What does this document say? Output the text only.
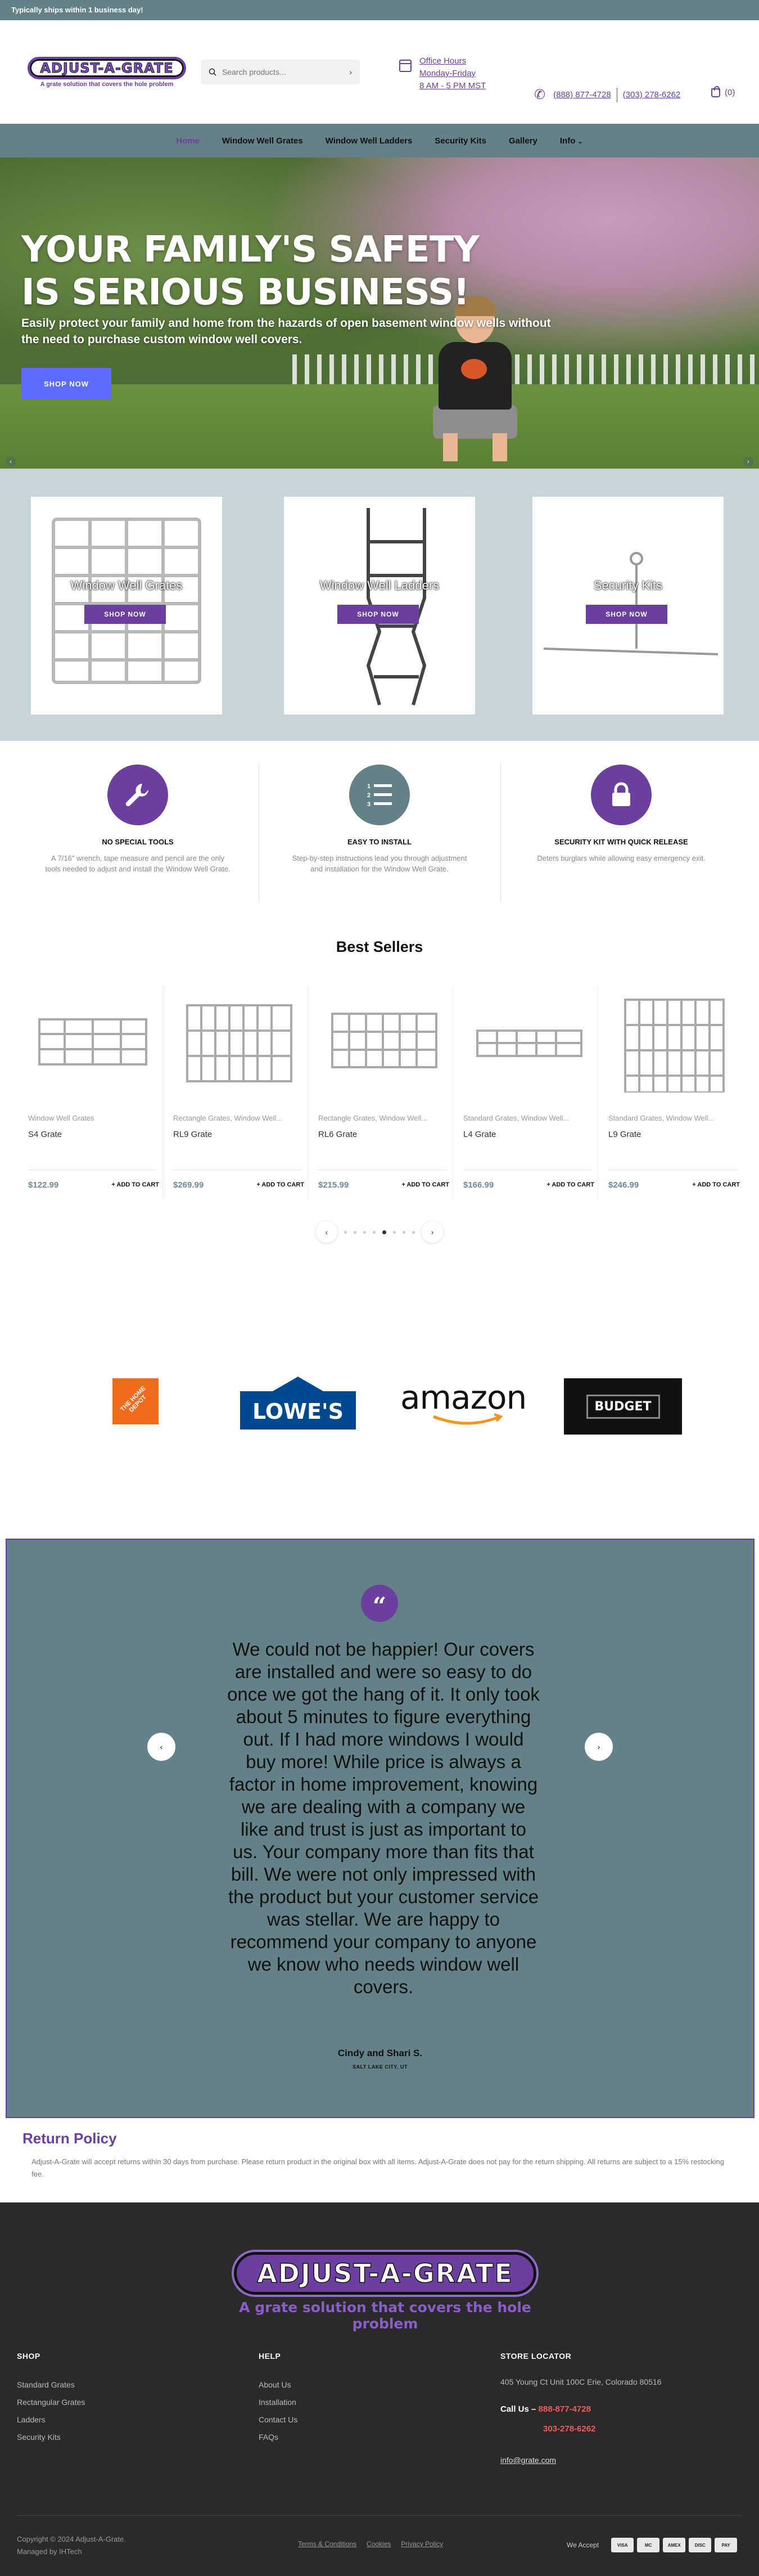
Typically ships within 1 business day!
ADJUST-A-GRATE
A grate solution that covers the hole problem
Search products...
›
Office Hours
Monday-Friday
8 AM - 5 PM MST
✆ (888) 877-4728 (303) 278-6262	(0)
Home	Window Well Grates	Window Well Ladders	Security Kits	Gallery	Info ⌄
YOUR FAMILY'S SAFETY
IS SERIOUS BUSINESS!
Easily protect your family and home from the hazards of open basement window wells without the need to purchase custom window well covers.
SHOP NOW
‹	›
Window Well Grates
SHOP NOW
Window Well Ladders
SHOP NOW
Security Kits
SHOP NOW
NO SPECIAL TOOLS

A 7/16" wrench, tape measure and pencil are the only tools needed to adjust and install the Window Well Grate.

1
2
3
EASY TO INSTALL

Step-by-step instructions lead you through adjustment and installation for the Window Well Grate.

SECURITY KIT WITH QUICK RELEASE

Deters burglars while allowing easy emergency exit.

Best Sellers
Window Well Grates
S4 Grate
$122.99	+ ADD TO CART
Rectangle Grates, Window Well...
RL9 Grate
$269.99	+ ADD TO CART
Rectangle Grates, Window Well...
RL6 Grate
$215.99	+ ADD TO CART
Standard Grates, Window Well...
L4 Grate
$166.99	+ ADD TO CART
Standard Grates, Window Well...
L9 Grate
$246.99	+ ADD TO CART
‹	›
THE HOME DEPOT	LOWE'S	amazon	BUDGET
“
‹	›

We could not be happier! Our covers are installed and were so easy to do once we got the hang of it. It only took about 5 minutes to figure everything out. If I had more windows I would buy more! While price is always a factor in home improvement, knowing we are dealing with a company we like and trust is just as important to us. Your company more than fits that bill. We were not only impressed with the product but your customer service was stellar. We are happy to recommend your company to anyone we know who needs window well covers.

Cindy and Shari S.
SALT LAKE CITY, UT
Return Policy

Adjust-A-Grate will accept returns within 30 days from purchase. Please return product in the original box with all items. Adjust-A-Grate does not pay for the return shipping. All returns are subject to a 15% restocking fee.

ADJUST-A-GRATE
A grate solution that covers the hole problem
SHOP
Standard Grates
Rectangular Grates
Ladders
Security Kits
HELP
About Us
Installation
Contact Us
FAQs
STORE LOCATOR
405 Young Ct Unit 100C Erie, Colorado 80516
Call Us – 888-877-4728
303-278-6262
info@grate.com
Copyright © 2024 Adjust-A-Grate.
Managed by IHTech
Terms & Conditions Cookies Privacy Policy	We Accept	VISA	MC	AMEX	DISC	PAY
